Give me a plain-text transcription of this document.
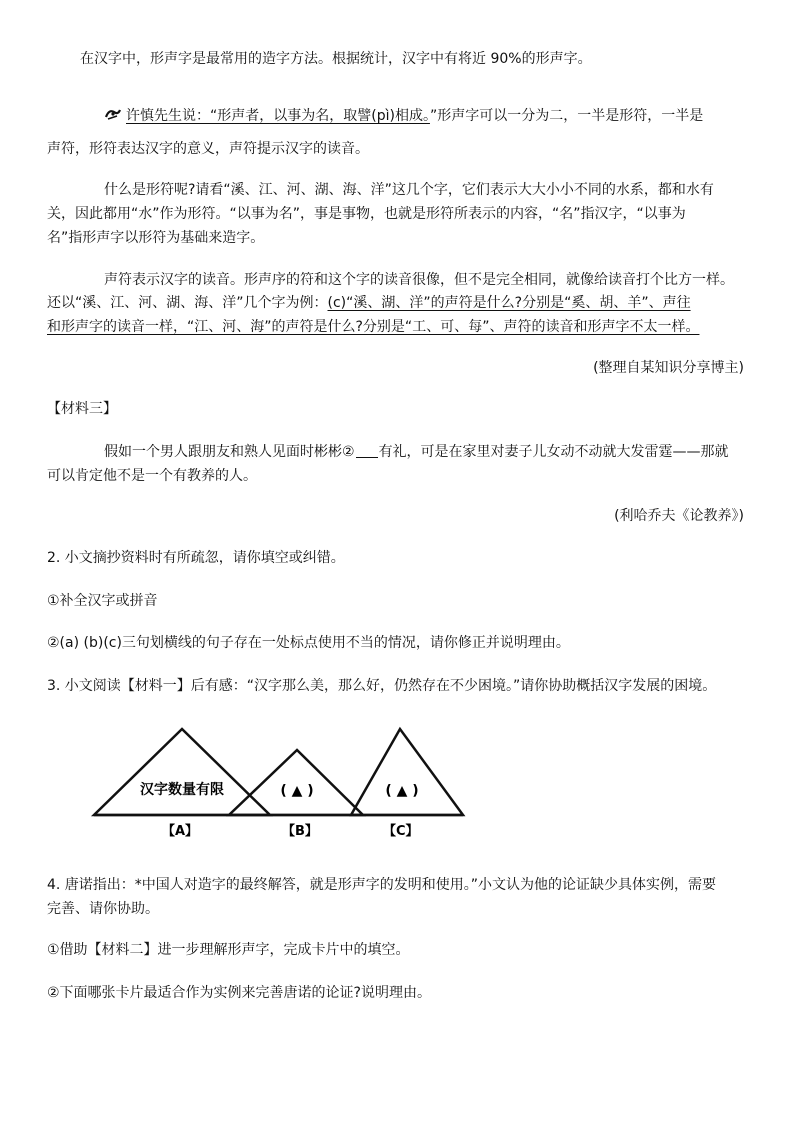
在汉字中，形声字是最常用的造字方法。根据统计，汉字中有将近 90%的形声字。
许慎先生说：“形声者，以事为名，取譬(pì)相成。”形声字可以一分为二，一半是形符，一半是
声符，形符表达汉字的意义，声符提示汉字的读音。
什么是形符呢?请看“溪、江、河、湖、海、洋”这几个字，它们表示大大小小不同的水系，都和水有
关，因此都用“水”作为形符。“以事为名”，事是事物，也就是形符所表示的内容，“名”指汉字，“以事为
名”指形声字以形符为基础来造字。
声符表示汉字的读音。形声序的符和这个字的读音很像，但不是完全相同，就像给读音打个比方一样。
还以“溪、江、河、湖、海、洋”几个字为例：(c)“溪、湖、洋”的声符是什么?分别是“奚、胡、羊”、声往
和形声字的读音一样，“江、河、海”的声符是什么?分别是“工、可、每”、声符的读音和形声字不太一样。
(整理自某知识分享博主)
【材料三】
假如一个男人跟朋友和熟人见面时彬彬② 有礼，可是在家里对妻子儿女动不动就大发雷霆——那就
可以肯定他不是一个有教养的人。
(利哈乔夫《论教养》)
2. 小文摘抄资料时有所疏忽，请你填空或纠错。
①补全汉字或拼音
②(a) (b)(c)三句划横线的句子存在一处标点使用不当的情况，请你修正并说明理由。
3. 小文阅读【材料一】后有感：“汉字那么美，那么好，仍然存在不少困境。”请你协助概括汉字发展的困境。
汉字数量有限	( ▲ )	( ▲ )
【A】	【B】	【C】
4. 唐诺指出：*中国人对造字的最终解答，就是形声字的发明和使用。”小文认为他的论证缺少具体实例，需要
完善、请你协助。
①借助【材料二】进一步理解形声字，完成卡片中的填空。
②下面哪张卡片最适合作为实例来完善唐诺的论证?说明理由。
